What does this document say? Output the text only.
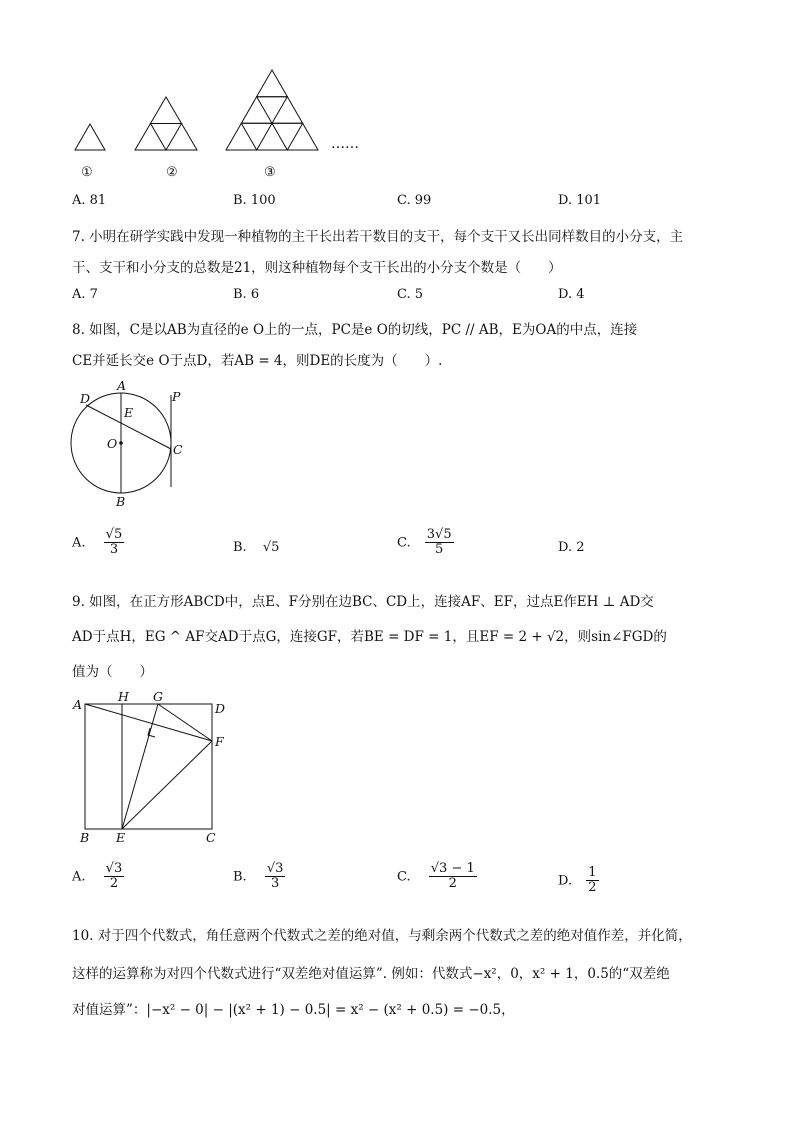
……
①	②	③
A. 81	B. 100	C. 99	D. 101
7. 小明在研学实践中发现一种植物的主干长出若干数目的支干，每个支干又长出同样数目的小分支，主
干、支干和小分支的总数是21，则这种植物每个支干长出的小分支个数是（　　）
A. 7	B. 6	C. 5	D. 4
8. 如图，C是以AB为直径的e O上的一点，PC是e O的切线，PC // AB，E为OA的中点，连接
CE并延长交e O于点D，若AB = 4，则DE的长度为（　　）.
A
D
E
P
O	C
B
A. $\frac{√5}{3}$	B. √5	C. $\frac{3√5}{5}$	D. 2
9. 如图，在正方形ABCD中，点E、F分别在边BC、CD上，连接AF、EF，过点E作EH ⊥ AD交
AD于点H，EG ^ AF交AD于点G，连接GF，若BE = DF = 1，且EF = 2 + √2，则sin∠FGD的
值为（　　）
A
H G
D
F
B E	C
A. $\frac{√3}{2}$	B. $\frac{√3}{3}$	C. $\frac{√3 - 1}{2}$	D. $\frac{1}{2}$
10. 对于四个代数式，角任意两个代数式之差的绝对值，与剩余两个代数式之差的绝对值作差，并化简，
这样的运算称为对四个代数式进行“双差绝对值运算”. 例如：代数式−x²，0，x² + 1，0.5的“双差绝
对值运算”：|−x² − 0| − |(x² + 1) − 0.5| = x² − (x² + 0.5) = −0.5，
